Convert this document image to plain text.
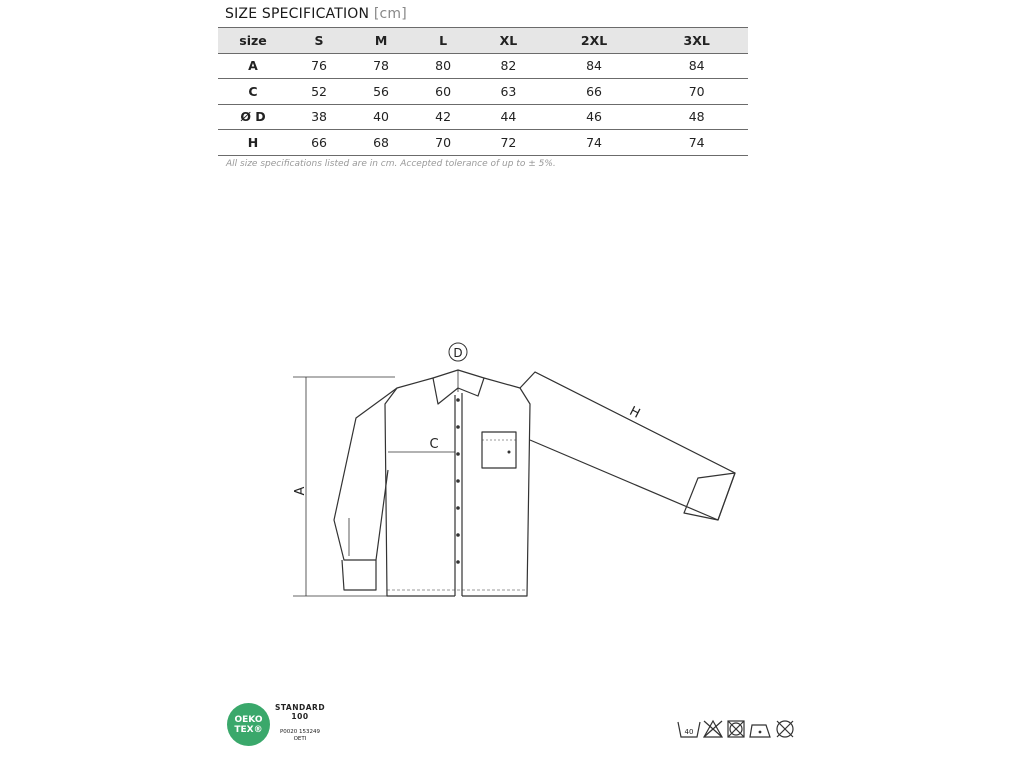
SIZE SPECIFICATION [cm]
size	S	M	L	XL	2XL	3XL
A	76	78	80	82	84	84
C	52	56	60	63	66	70
Ø D	38	40	42	44	46	48
H	66	68	70	72	74	74
All size specifications listed are in cm. Accepted tolerance of up to ± 5%.
D
A
C
H
40
OEKO
TEX®
STANDARD
100
P0020 153249
OETI
